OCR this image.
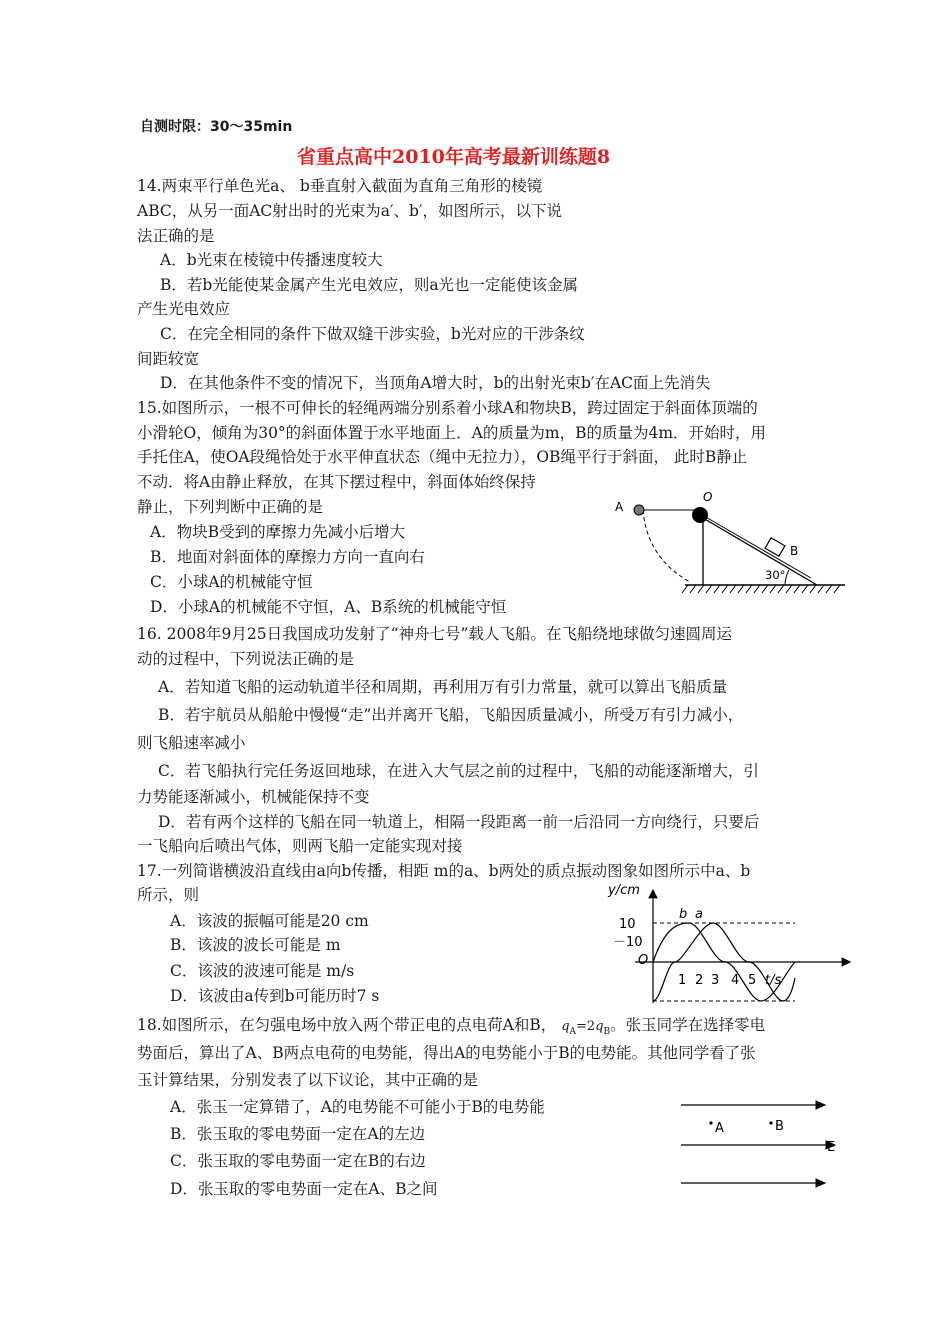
自测时限：30～35min
省重点高中2010年高考最新训练题8
14.两束平行单色光a、 b垂直射入截面为直角三角形的棱镜
ABC，从另一面AC射出时的光束为a′、b′，如图所示，以下说
法正确的是
A．b光束在棱镜中传播速度较大
B．若b光能使某金属产生光电效应，则a光也一定能使该金属
产生光电效应
C．在完全相同的条件下做双缝干涉实验，b光对应的干涉条纹
间距较宽
D．在其他条件不变的情况下，当顶角A增大时，b的出射光束b′在AC面上先消失
15.如图所示，一根不可伸长的轻绳两端分别系着小球A和物块B，跨过固定于斜面体顶端的
小滑轮O，倾角为30°的斜面体置于水平地面上．A的质量为m，B的质量为4m．开始时，用
手托住A，使OA段绳恰处于水平伸直状态（绳中无拉力），OB绳平行于斜面， 此时B静止
不动．将A由静止释放，在其下摆过程中，斜面体始终保持
静止，下列判断中正确的是
A．物块B受到的摩擦力先减小后增大
B．地面对斜面体的摩擦力方向一直向右
C．小球A的机械能守恒
D．小球A的机械能不守恒，A、B系统的机械能守恒
A
O
B
30°
16. 2008年9月25日我国成功发射了“神舟七号”载人飞船。在飞船绕地球做匀速圆周运
动的过程中，下列说法正确的是
A．若知道飞船的运动轨道半径和周期，再利用万有引力常量，就可以算出飞船质量
B．若宇航员从船舱中慢慢“走”出并离开飞船，飞船因质量减小，所受万有引力减小，
则飞船速率减小
C．若飞船执行完任务返回地球，在进入大气层之前的过程中，飞船的动能逐渐增大，引
力势能逐渐减小，机械能保持不变
D．若有两个这样的飞船在同一轨道上，相隔一段距离一前一后沿同一方向绕行，只要后
一飞船向后喷出气体，则两飞船一定能实现对接
17.一列简谐横波沿直线由a向b传播，相距 m的a、b两处的质点振动图象如图所示中a、b
所示，则
A．该波的振幅可能是20 cm
B．该波的波长可能是 m
C．该波的波速可能是 m/s
D．该波由a传到b可能历时7 s
y/cm
10
－10
O
b a
1 2 3 4 5 t/s
18.如图所示，在匀强电场中放入两个带正电的点电荷A和B， $q_A=2q_B$。张玉同学在选择零电
势面后，算出了A、B两点电荷的电势能，得出A的电势能小于B的电势能。其他同学看了张
玉计算结果，分别发表了以下议论，其中正确的是
A．张玉一定算错了，A的电势能不可能小于B的电势能
B．张玉取的零电势面一定在A的左边
C．张玉取的零电势面一定在B的右边
D．张玉取的零电势面一定在A、B之间
A	B
E
